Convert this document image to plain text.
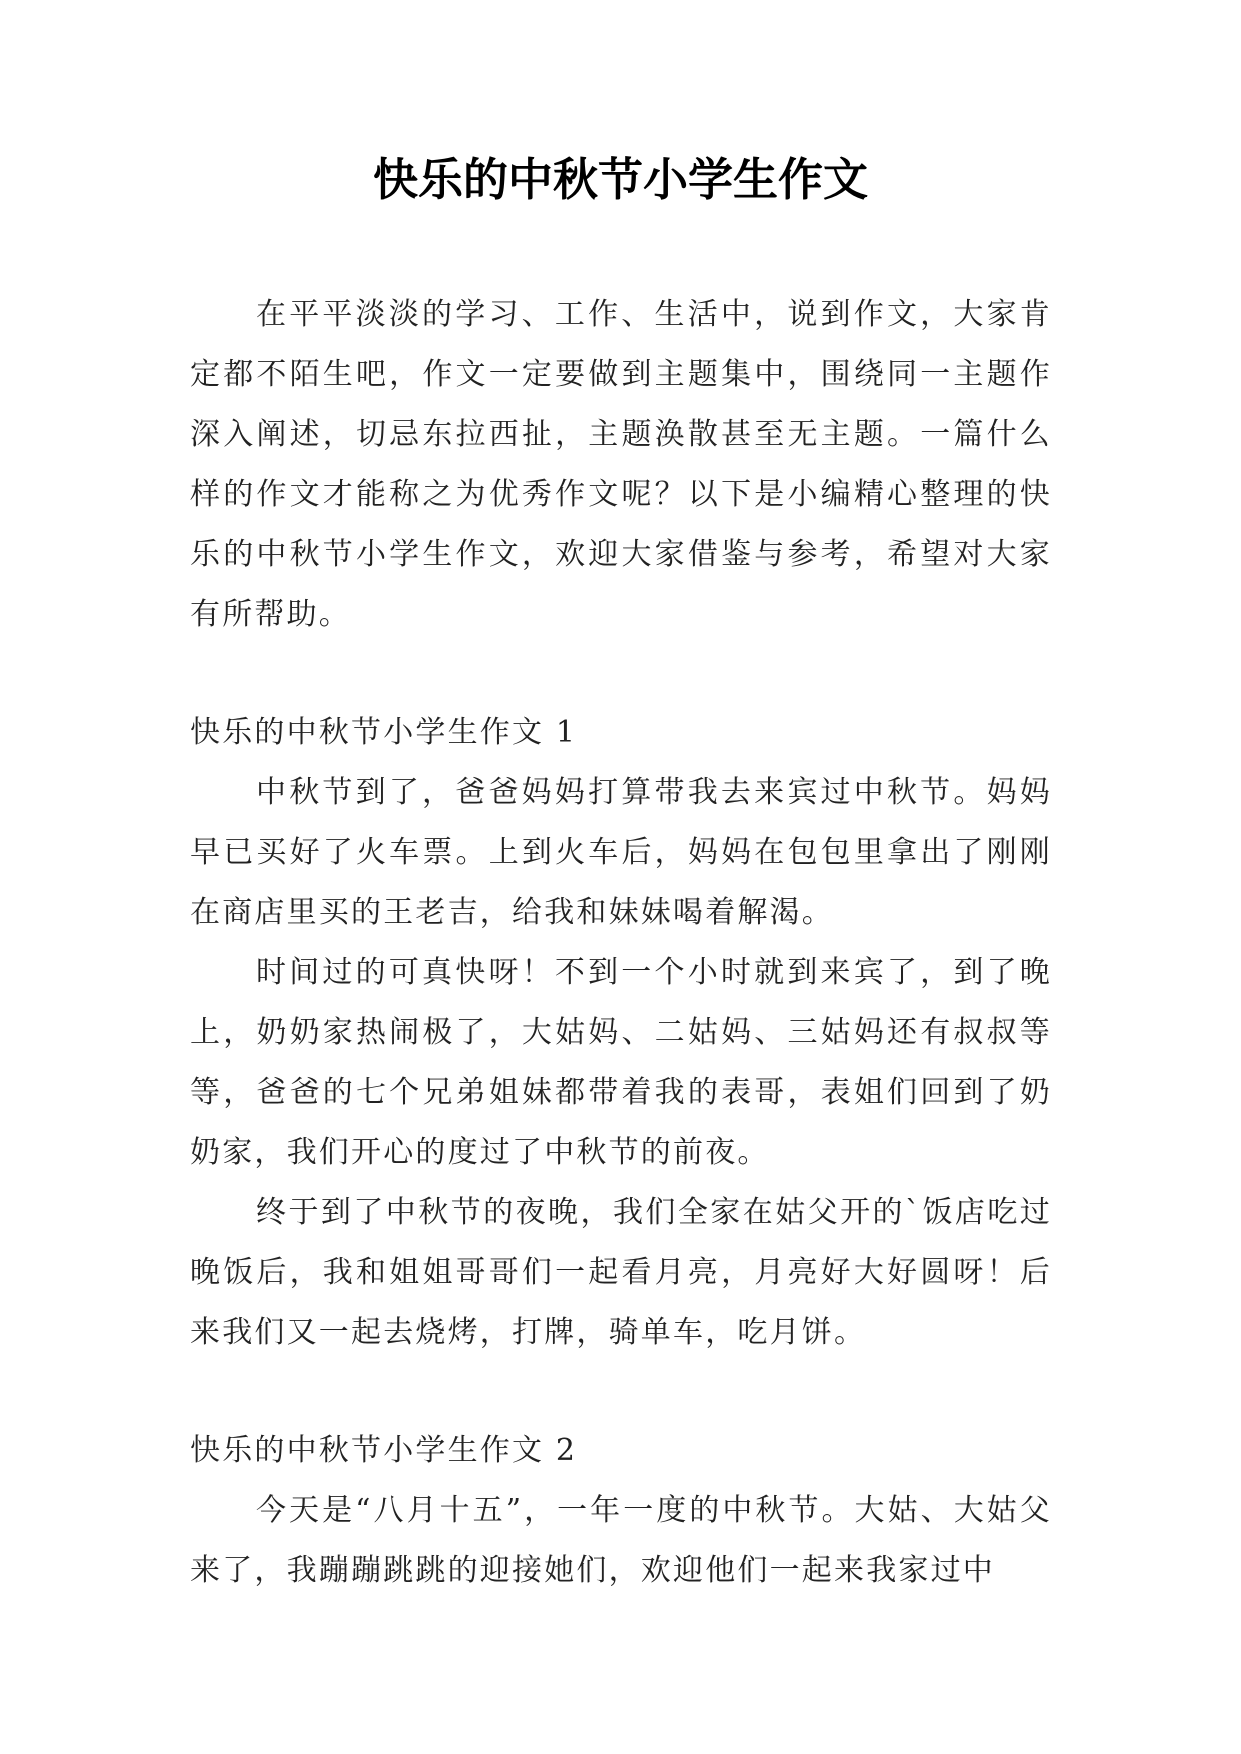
快乐的中秋节小学生作文

在平平淡淡的学习、工作、生活中，说到作文，大家肯定都不陌生吧，作文一定要做到主题集中，围绕同一主题作深入阐述，切忌东拉西扯，主题涣散甚至无主题。一篇什么样的作文才能称之为优秀作文呢？以下是小编精心整理的快乐的中秋节小学生作文，欢迎大家借鉴与参考，希望对大家有所帮助。

快乐的中秋节小学生作文 1

中秋节到了，爸爸妈妈打算带我去来宾过中秋节。妈妈早已买好了火车票。上到火车后，妈妈在包包里拿出了刚刚在商店里买的王老吉，给我和妹妹喝着解渴。

时间过的可真快呀！不到一个小时就到来宾了，到了晚上，奶奶家热闹极了，大姑妈、二姑妈、三姑妈还有叔叔等等，爸爸的七个兄弟姐妹都带着我的表哥，表姐们回到了奶奶家，我们开心的度过了中秋节的前夜。

终于到了中秋节的夜晚，我们全家在姑父开的`饭店吃过晚饭后，我和姐姐哥哥们一起看月亮，月亮好大好圆呀！后来我们又一起去烧烤，打牌，骑单车，吃月饼。

快乐的中秋节小学生作文 2

今天是“八月十五”，一年一度的中秋节。大姑、大姑父来了，我蹦蹦跳跳的迎接她们，欢迎他们一起来我家过中
